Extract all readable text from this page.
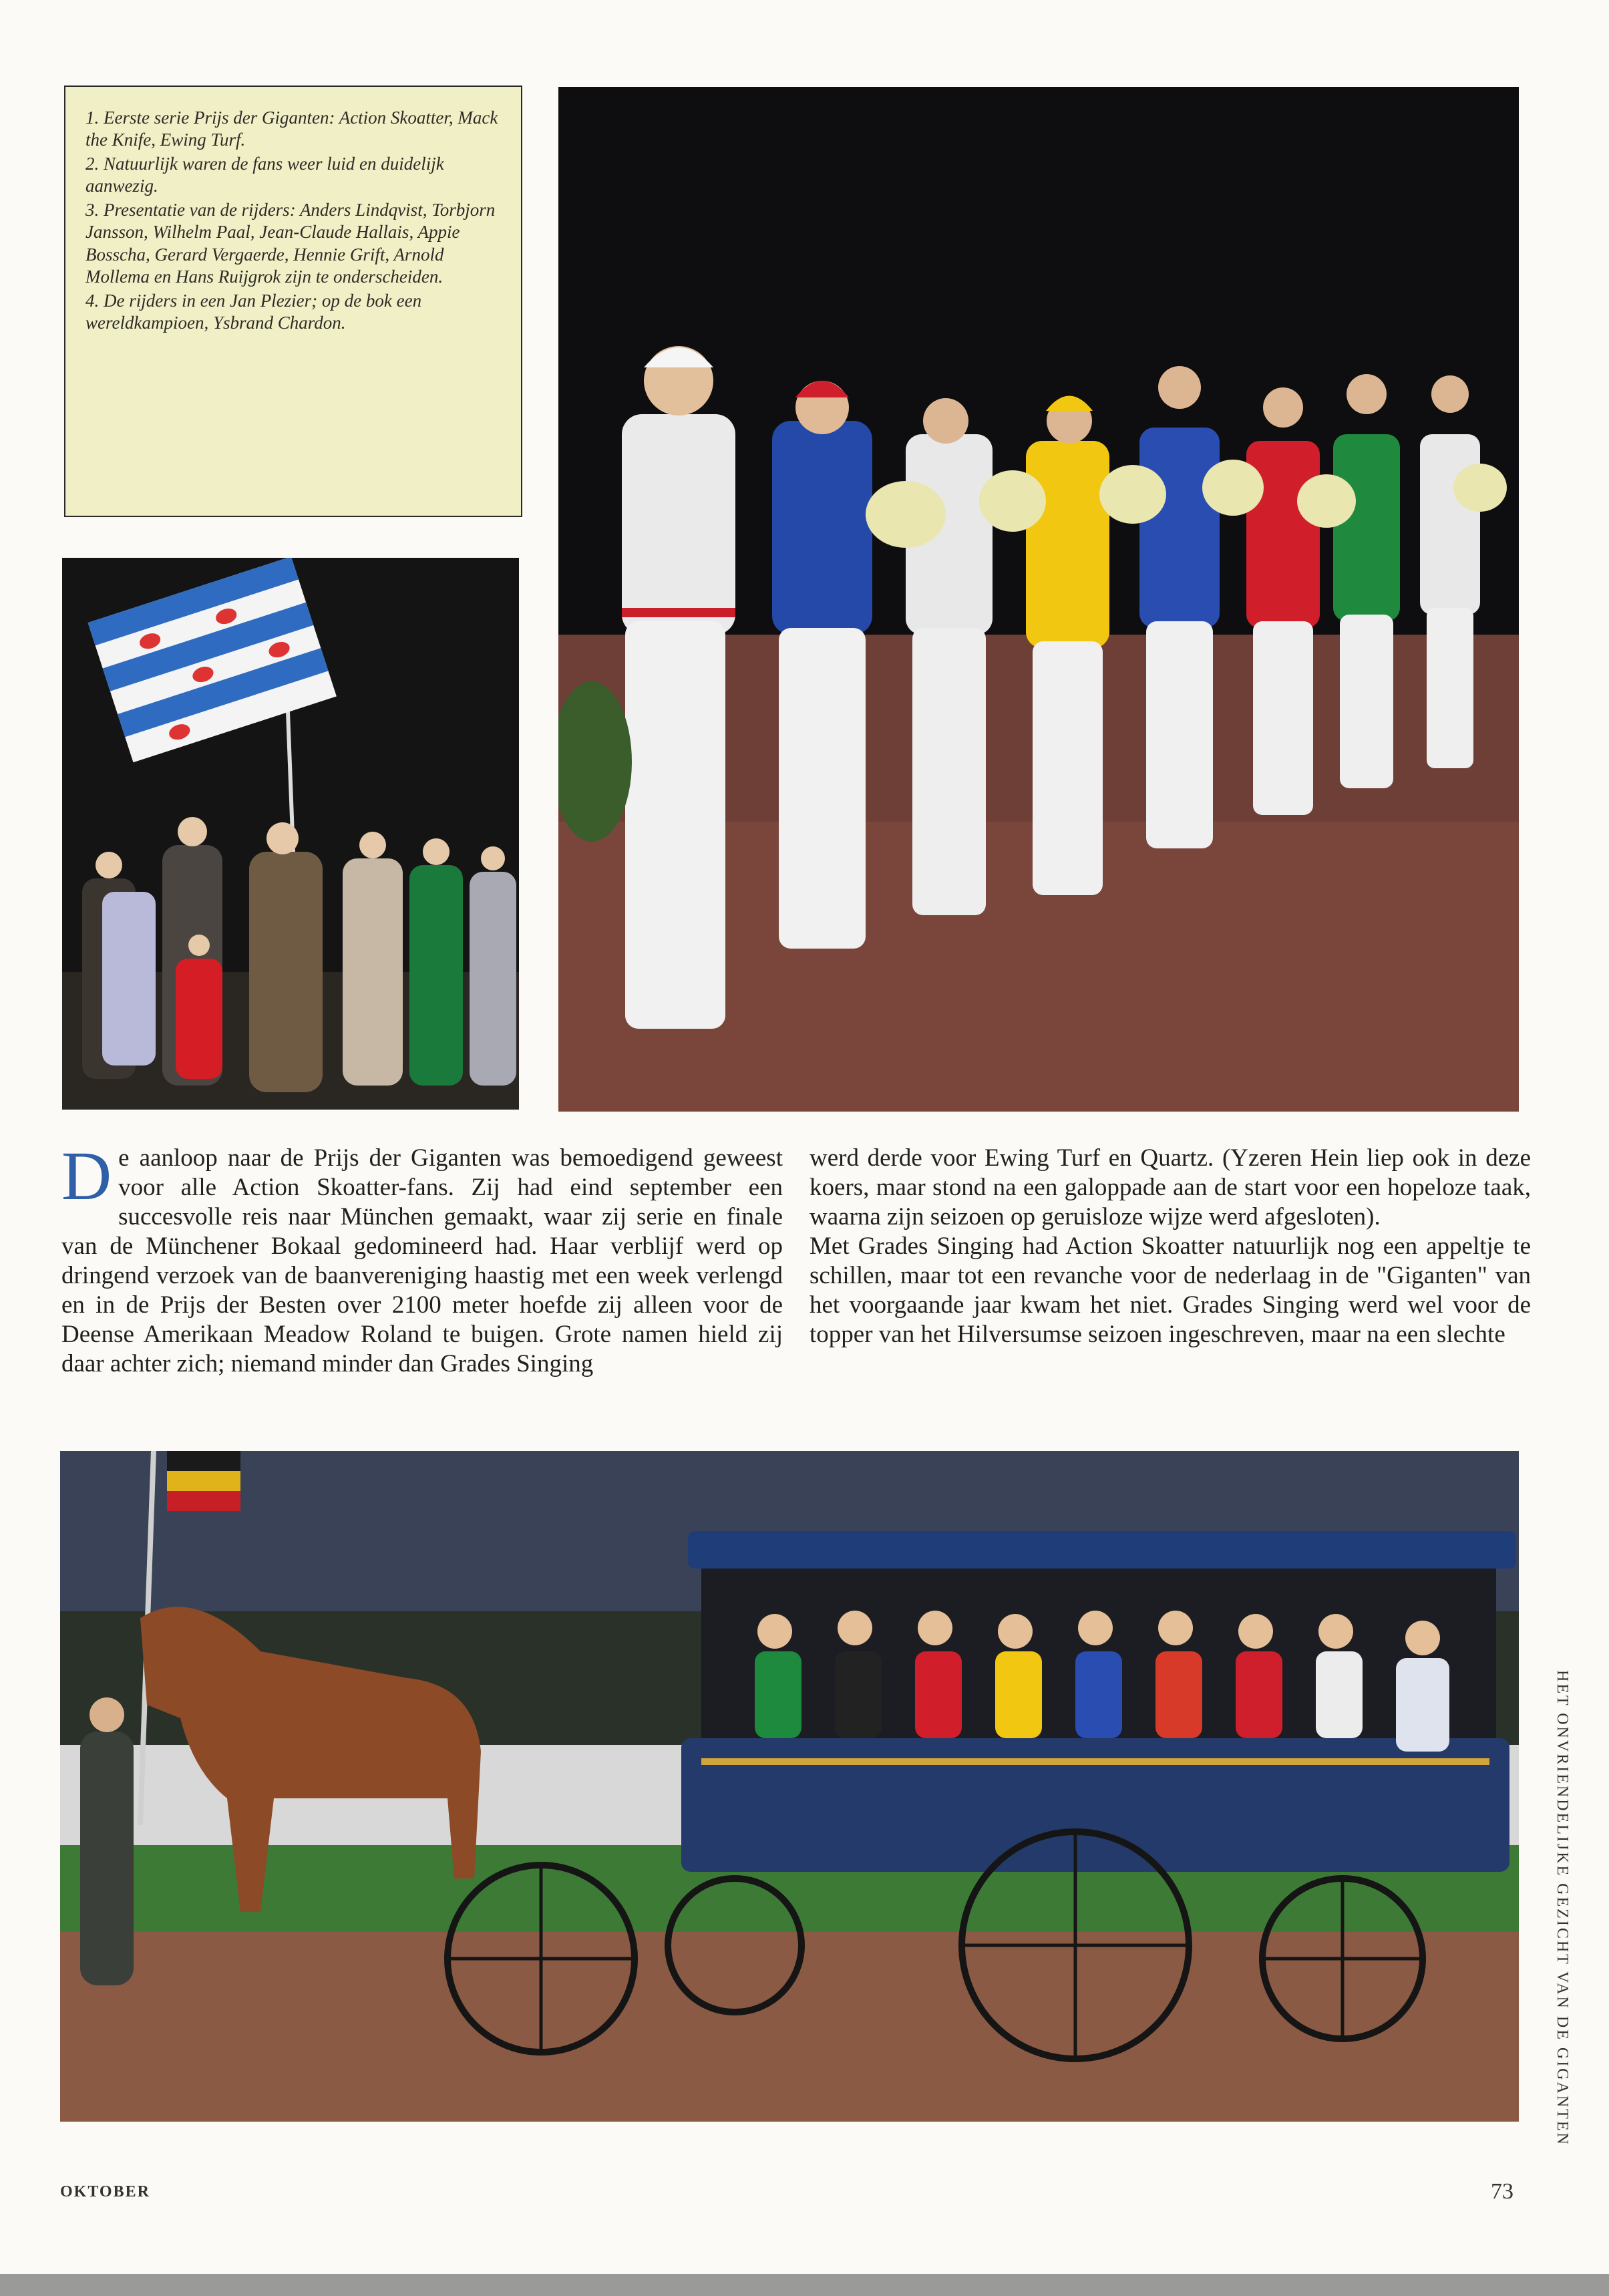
1. Eerste serie Prijs der Giganten: Action Skoatter, Mack the Knife, Ewing Turf.

2. Natuurlijk waren de fans weer luid en duidelijk aanwezig.

3. Presentatie van de rijders: Anders Lindqvist, Torbjorn Jansson, Wilhelm Paal, Jean-Claude Hallais, Appie Bosscha, Gerard Vergaerde, Hennie Grift, Arnold Mollema en Hans Ruijgrok zijn te onderscheiden.

4. De rijders in een Jan Plezier; op de bok een wereldkampioen, Ysbrand Chardon.

De aanloop naar de Prijs der Giganten was bemoedigend geweest voor alle Action Skoatter-fans. Zij had eind september een succesvolle reis naar München gemaakt, waar zij serie en finale van de Münchener Bokaal gedomineerd had. Haar verblijf werd op dringend verzoek van de baanvereniging haastig met een week verlengd en in de Prijs der Besten over 2100 meter hoefde zij alleen voor de Deense Amerikaan Meadow Roland te buigen. Grote namen hield zij daar achter zich; niemand minder dan Grades Singing

werd derde voor Ewing Turf en Quartz. (Yzeren Hein liep ook in deze koers, maar stond na een galoppade aan de start voor een hopeloze taak, waarna zijn seizoen op geruisloze wijze werd afgesloten).

Met Grades Singing had Action Skoatter natuurlijk nog een appeltje te schillen, maar tot een revanche voor de nederlaag in de "Giganten" van het voorgaande jaar kwam het niet. Grades Singing werd wel voor de topper van het Hilversumse seizoen ingeschreven, maar na een slechte

HET ONVRIENDELIJKE GEZICHT VAN DE GIGANTEN
OKTOBER	73
